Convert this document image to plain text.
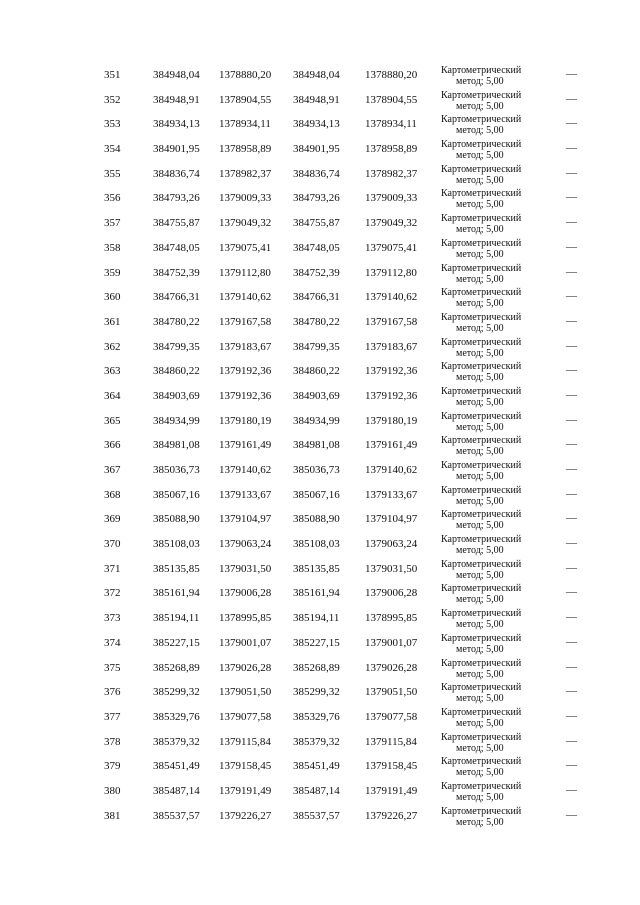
351	384948,04 1378880,20 384948,04 1378880,20 Картометрический
метод; 5,00
—
352	384948,91 1378904,55 384948,91 1378904,55 Картометрический
метод; 5,00
—
353	384934,13 1378934,11 384934,13 1378934,11 Картометрический
метод; 5,00
—
354	384901,95 1378958,89 384901,95 1378958,89 Картометрический
метод; 5,00
—
355	384836,74 1378982,37 384836,74 1378982,37 Картометрический
метод; 5,00
—
356	384793,26 1379009,33 384793,26 1379009,33 Картометрический
метод; 5,00
—
357	384755,87 1379049,32 384755,87 1379049,32 Картометрический
метод; 5,00
—
358	384748,05 1379075,41 384748,05 1379075,41 Картометрический
метод; 5,00
—
359	384752,39 1379112,80 384752,39 1379112,80 Картометрический
метод; 5,00
—
360	384766,31 1379140,62 384766,31 1379140,62 Картометрический
метод; 5,00
—
361	384780,22 1379167,58 384780,22 1379167,58 Картометрический
метод; 5,00
—
362	384799,35 1379183,67 384799,35 1379183,67 Картометрический
метод; 5,00
—
363	384860,22 1379192,36 384860,22 1379192,36 Картометрический
метод; 5,00
—
364	384903,69 1379192,36 384903,69 1379192,36 Картометрический
метод; 5,00
—
365	384934,99 1379180,19 384934,99 1379180,19 Картометрический
метод; 5,00
—
366	384981,08 1379161,49 384981,08 1379161,49 Картометрический
метод; 5,00
—
367	385036,73 1379140,62 385036,73 1379140,62 Картометрический
метод; 5,00
—
368	385067,16 1379133,67 385067,16 1379133,67 Картометрический
метод; 5,00
—
369	385088,90 1379104,97 385088,90 1379104,97 Картометрический
метод; 5,00
—
370	385108,03 1379063,24 385108,03 1379063,24 Картометрический
метод; 5,00
—
371	385135,85 1379031,50 385135,85 1379031,50 Картометрический
метод; 5,00
—
372	385161,94 1379006,28 385161,94 1379006,28 Картометрический
метод; 5,00
—
373	385194,11 1378995,85 385194,11 1378995,85 Картометрический
метод; 5,00
—
374	385227,15 1379001,07 385227,15 1379001,07 Картометрический
метод; 5,00
—
375	385268,89 1379026,28 385268,89 1379026,28 Картометрический
метод; 5,00
—
376	385299,32 1379051,50 385299,32 1379051,50 Картометрический
метод; 5,00
—
377	385329,76 1379077,58 385329,76 1379077,58 Картометрический
метод; 5,00
—
378	385379,32 1379115,84 385379,32 1379115,84 Картометрический
метод; 5,00
—
379	385451,49 1379158,45 385451,49 1379158,45 Картометрический
метод; 5,00
—
380	385487,14 1379191,49 385487,14 1379191,49 Картометрический
метод; 5,00
—
381	385537,57 1379226,27 385537,57 1379226,27 Картометрический
метод; 5,00
—
